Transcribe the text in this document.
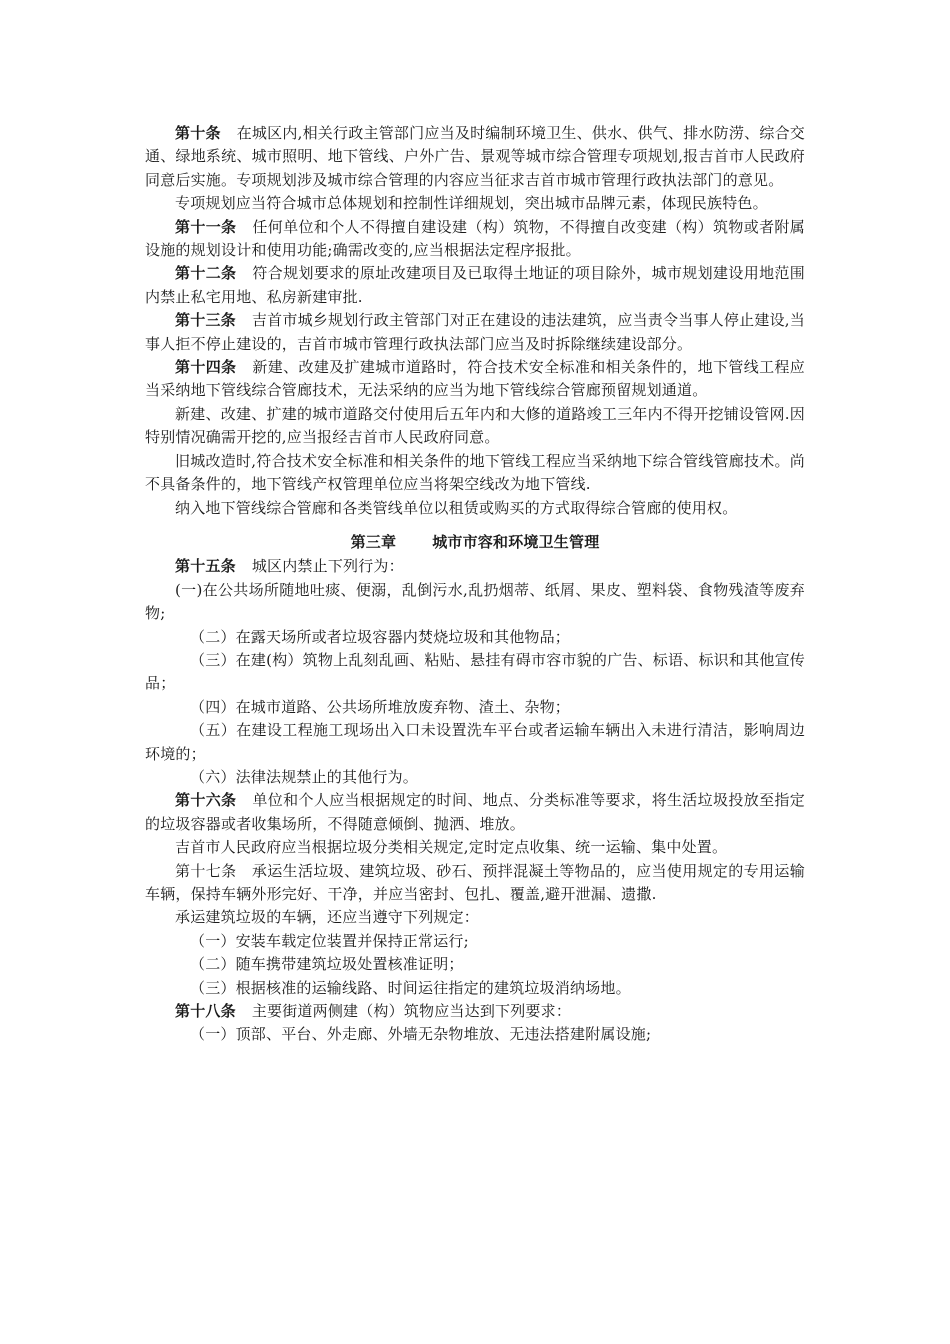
第十条 在城区内,相关行政主管部门应当及时编制环境卫生、供水、供气、排水防涝、综合交通、绿地系统、城市照明、地下管线、户外广告、景观等城市综合管理专项规划,报吉首市人民政府同意后实施。专项规划涉及城市综合管理的内容应当征求吉首市城市管理行政执法部门的意见。

专项规划应当符合城市总体规划和控制性详细规划，突出城市品牌元素，体现民族特色。

第十一条 任何单位和个人不得擅自建设建（构）筑物，不得擅自改变建（构）筑物或者附属设施的规划设计和使用功能;确需改变的,应当根据法定程序报批。

第十二条 符合规划要求的原址改建项目及已取得土地证的项目除外，城市规划建设用地范围内禁止私宅用地、私房新建审批.

第十三条 吉首市城乡规划行政主管部门对正在建设的违法建筑，应当责令当事人停止建设,当事人拒不停止建设的，吉首市城市管理行政执法部门应当及时拆除继续建设部分。

第十四条 新建、改建及扩建城市道路时，符合技术安全标准和相关条件的，地下管线工程应当采纳地下管线综合管廊技术，无法采纳的应当为地下管线综合管廊预留规划通道。

新建、改建、扩建的城市道路交付使用后五年内和大修的道路竣工三年内不得开挖铺设管网.因特别情况确需开挖的,应当报经吉首市人民政府同意。

旧城改造时,符合技术安全标准和相关条件的地下管线工程应当采纳地下综合管线管廊技术。尚不具备条件的，地下管线产权管理单位应当将架空线改为地下管线.

纳入地下管线综合管廊和各类管线单位以租赁或购买的方式取得综合管廊的使用权。

第三章 城市市容和环境卫生管理

第十五条 城区内禁止下列行为：

(一)在公共场所随地吐痰、便溺，乱倒污水,乱扔烟蒂、纸屑、果皮、塑料袋、食物残渣等废弃物;

（二）在露天场所或者垃圾容器内焚烧垃圾和其他物品；

（三）在建(构）筑物上乱刻乱画、粘贴、悬挂有碍市容市貌的广告、标语、标识和其他宣传品；

（四）在城市道路、公共场所堆放废弃物、渣土、杂物；

（五）在建设工程施工现场出入口未设置洗车平台或者运输车辆出入未进行清洁，影响周边环境的；

（六）法律法规禁止的其他行为。

第十六条 单位和个人应当根据规定的时间、地点、分类标准等要求，将生活垃圾投放至指定的垃圾容器或者收集场所，不得随意倾倒、抛洒、堆放。

吉首市人民政府应当根据垃圾分类相关规定,定时定点收集、统一运输、集中处置。

第十七条　承运生活垃圾、建筑垃圾、砂石、预拌混凝土等物品的，应当使用规定的专用运输车辆，保持车辆外形完好、干净，并应当密封、包扎、覆盖,避开泄漏、遗撒.

承运建筑垃圾的车辆，还应当遵守下列规定：

（一）安装车载定位装置并保持正常运行;

（二）随车携带建筑垃圾处置核准证明；

（三）根据核准的运输线路、时间运往指定的建筑垃圾消纳场地。

第十八条 主要街道两侧建（构）筑物应当达到下列要求：

（一）顶部、平台、外走廊、外墙无杂物堆放、无违法搭建附属设施;
